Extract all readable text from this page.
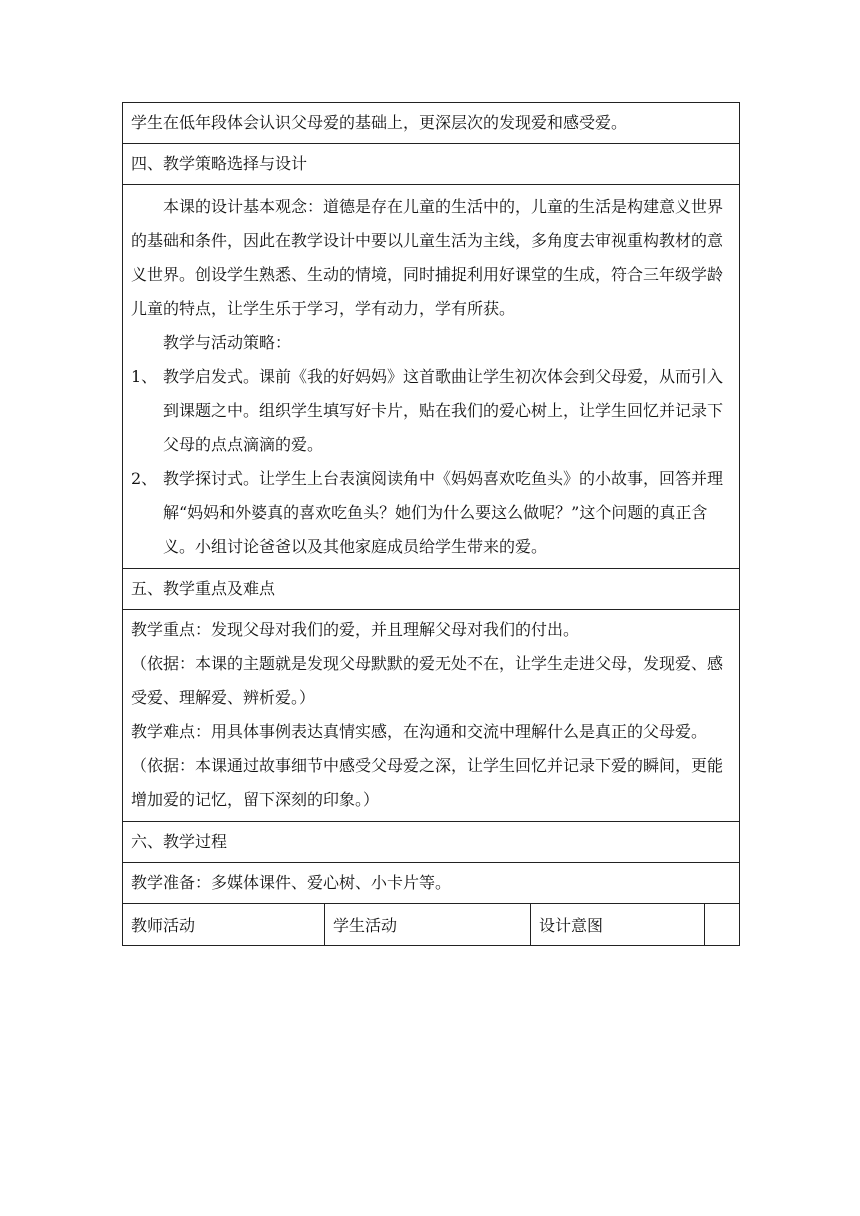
学生在低年段体会认识父母爱的基础上，更深层次的发现爱和感受爱。
四、教学策略选择与设计
本课的设计基本观念：道德是存在儿童的生活中的，儿童的生活是构建意义世界的基础和条件，因此在教学设计中要以儿童生活为主线，多角度去审视重构教材的意义世界。创设学生熟悉、生动的情境，同时捕捉利用好课堂的生成，符合三年级学龄儿童的特点，让学生乐于学习，学有动力，学有所获。
教学与活动策略：
1、 教学启发式。课前《我的好妈妈》这首歌曲让学生初次体会到父母爱，从而引入到课题之中。组织学生填写好卡片，贴在我们的爱心树上，让学生回忆并记录下父母的点点滴滴的爱。
2、 教学探讨式。让学生上台表演阅读角中《妈妈喜欢吃鱼头》的小故事，回答并理解“妈妈和外婆真的喜欢吃鱼头？她们为什么要这么做呢？”这个问题的真正含义。小组讨论爸爸以及其他家庭成员给学生带来的爱。
五、教学重点及难点
教学重点：发现父母对我们的爱，并且理解父母对我们的付出。
（依据：本课的主题就是发现父母默默的爱无处不在，让学生走进父母，发现爱、感受爱、理解爱、辨析爱。）
教学难点：用具体事例表达真情实感，在沟通和交流中理解什么是真正的父母爱。
（依据：本课通过故事细节中感受父母爱之深，让学生回忆并记录下爱的瞬间，更能增加爱的记忆，留下深刻的印象。）
六、教学过程
教学准备：多媒体课件、爱心树、小卡片等。
教师活动	学生活动	设计意图
